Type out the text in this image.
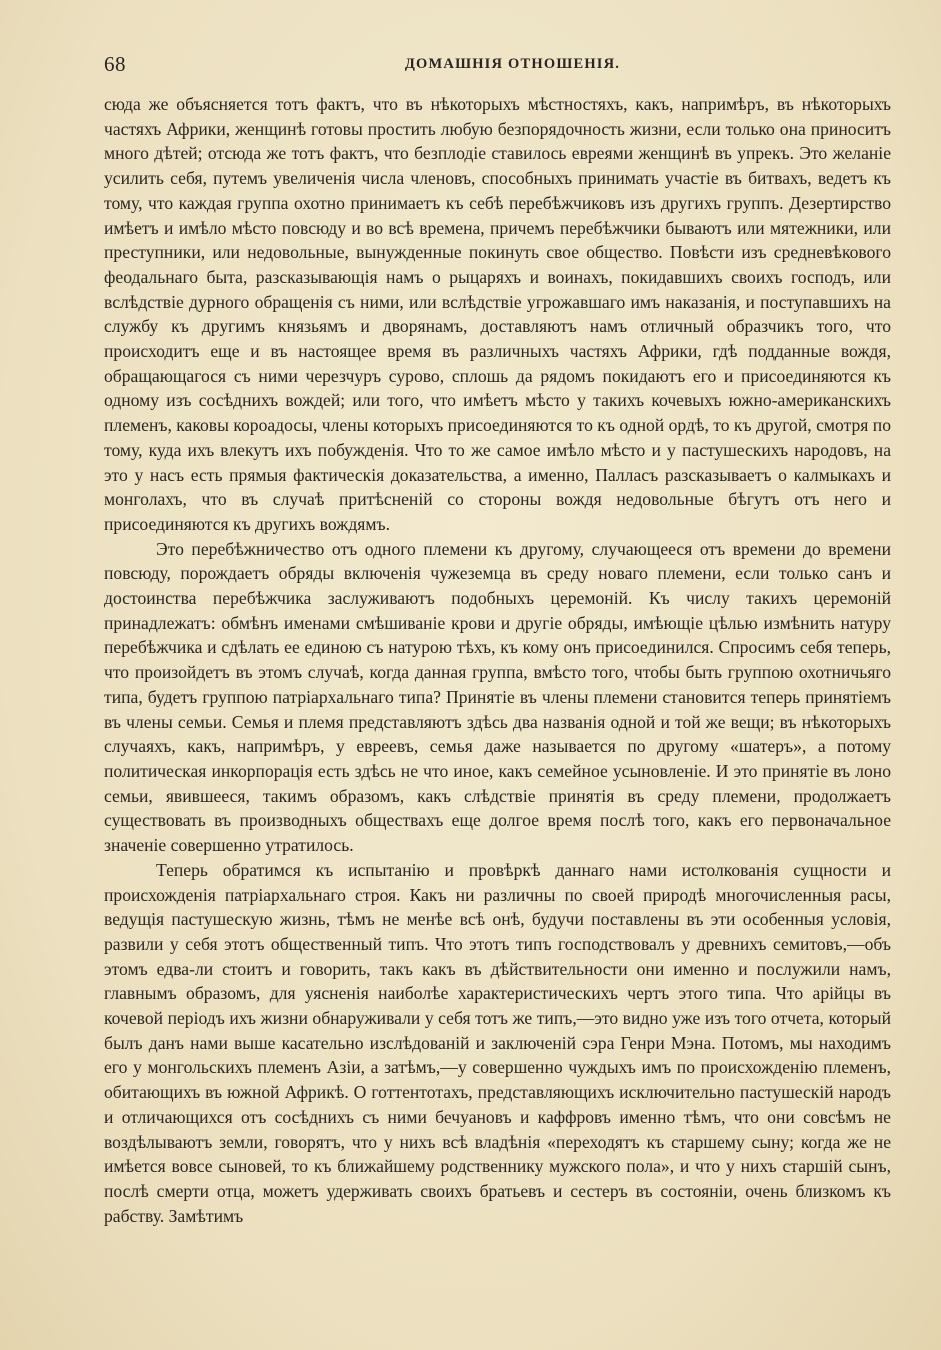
68	ДОМАШНІЯ ОТНОШЕНІЯ.

сюда же объясняется тотъ фактъ, что въ нѣкоторыхъ мѣстностяхъ, какъ, напримѣръ, въ нѣкоторыхъ частяхъ Африки, женщинѣ готовы простить любую безпорядочность жизни, если только она приноситъ много дѣтей; отсюда же тотъ фактъ, что безплодіе ставилось евреями женщинѣ въ упрекъ. Это желаніе усилить себя, путемъ увеличенія числа членовъ, способныхъ принимать участіе въ битвахъ, ведетъ къ тому, что каждая группа охотно принимаетъ къ себѣ перебѣжчиковъ изъ другихъ группъ. Дезертирство имѣетъ и имѣло мѣсто повсюду и во всѣ времена, причемъ перебѣжчики бываютъ или мятежники, или преступники, или недовольные, вынужденные покинуть свое общество. Повѣсти изъ средневѣкового феодальнаго быта, разсказывающія намъ о рыцаряхъ и воинахъ, покидавшихъ своихъ господъ, или вслѣдствіе дурного обращенія съ ними, или вслѣдствіе угрожавшаго имъ наказанія, и поступавшихъ на службу къ другимъ князьямъ и дворянамъ, доставляютъ намъ отличный образчикъ того, что происходитъ еще и въ настоящее время въ различныхъ частяхъ Африки, гдѣ подданные вождя, обращающагося съ ними черезчуръ сурово, сплошь да рядомъ покидаютъ его и присоединяются къ одному изъ сосѣднихъ вождей; или того, что имѣетъ мѣсто у такихъ кочевыхъ южно-американскихъ племенъ, каковы короадосы, члены которыхъ присоединяются то къ одной ордѣ, то къ другой, смотря по тому, куда ихъ влекутъ ихъ побужденія. Что то же самое имѣло мѣсто и у пастушескихъ народовъ, на это у насъ есть прямыя фактическія доказательства, а именно, Палласъ разсказываетъ о калмыкахъ и монголахъ, что въ случаѣ притѣсненій со стороны вождя недовольные бѣгутъ отъ него и присоединяются къ другихъ вождямъ.

Это перебѣжничество отъ одного племени къ другому, случающееся отъ времени до времени повсюду, порождаетъ обряды включенія чужеземца въ среду новаго племени, если только санъ и достоинства перебѣжчика заслуживаютъ подобныхъ церемоній. Къ числу такихъ церемоній принадлежатъ: обмѣнъ именами смѣшиваніе крови и другіе обряды, имѣющіе цѣлью измѣнить натуру перебѣжчика и сдѣлать ее единою съ натурою тѣхъ, къ кому онъ присоединился. Спросимъ себя теперь, что произойдетъ въ этомъ случаѣ, когда данная группа, вмѣсто того, чтобы быть группою охотничьяго типа, будетъ группою патріархальнаго типа? Принятіе въ члены племени становится теперь принятіемъ въ члены семьи. Семья и племя представляютъ здѣсь два названія одной и той же вещи; въ нѣкоторыхъ случаяхъ, какъ, напримѣръ, у евреевъ, семья даже называется по другому «шатеръ», а потому политическая инкорпорація есть здѣсь не что иное, какъ семейное усыновленіе. И это принятіе въ лоно семьи, явившееся, такимъ образомъ, какъ слѣдствіе принятія въ среду племени, продолжаетъ существовать въ производныхъ обществахъ еще долгое время послѣ того, какъ его первоначальное значеніе совершенно утратилось.

Теперь обратимся къ испытанію и провѣркѣ даннаго нами истолкованія сущности и происхожденія патріархальнаго строя. Какъ ни различны по своей природѣ многочисленныя расы, ведущія пастушескую жизнь, тѣмъ не менѣе всѣ онѣ, будучи поставлены въ эти особенныя условія, развили у себя этотъ общественный типъ. Что этотъ типъ господствовалъ у древнихъ семитовъ,—объ этомъ едва-ли стоитъ и говорить, такъ какъ въ дѣйствительности они именно и послужили намъ, главнымъ образомъ, для уясненія наиболѣе характеристическихъ чертъ этого типа. Что арійцы въ кочевой періодъ ихъ жизни обнаруживали у себя тотъ же типъ,—это видно уже изъ того отчета, который былъ данъ нами выше касательно изслѣдованій и заключеній сэра Генри Мэна. Потомъ, мы находимъ его у монгольскихъ племенъ Азіи, а затѣмъ,—у совершенно чуждыхъ имъ по происхожденію племенъ, обитающихъ въ южной Африкѣ. О готтентотахъ, представляющихъ исключительно пастушескій народъ и отличающихся отъ сосѣднихъ съ ними бечуановъ и каффровъ именно тѣмъ, что они совсѣмъ не воздѣлываютъ земли, говорятъ, что у нихъ всѣ владѣнія «переходятъ къ старшему сыну; когда же не имѣется вовсе сыновей, то къ ближайшему родственнику мужского пола», и что у нихъ старшій сынъ, послѣ смерти отца, можетъ удерживать своихъ братьевъ и сестеръ въ состояніи, очень близкомъ къ рабству. Замѣтимъ
